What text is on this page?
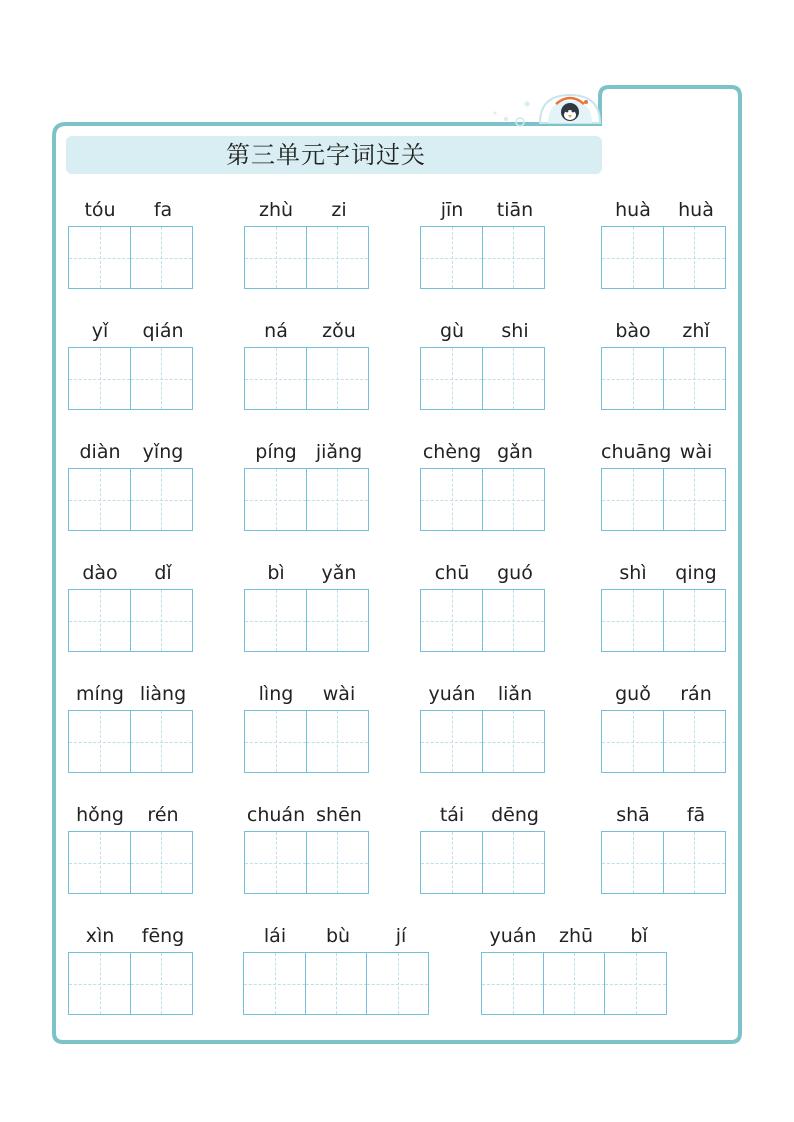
第三单元字词过关
tóu	fa	zhù	zi	jīn	tiān	huà	huà
yǐ	qián	ná	zǒu	gù	shi	bào	zhǐ
diàn	yǐng	píng	jiǎng	chèng gǎn	chuāng wài
dào	dǐ	bì	yǎn	chū	guó	shì	qing
míng liàng	lìng	wài	yuán	liǎn	guǒ	rán
hǒng	rén	chuán shēn	tái	dēng	shā	fā
xìn	fēng	lái	bù	jí	yuán	zhū	bǐ
